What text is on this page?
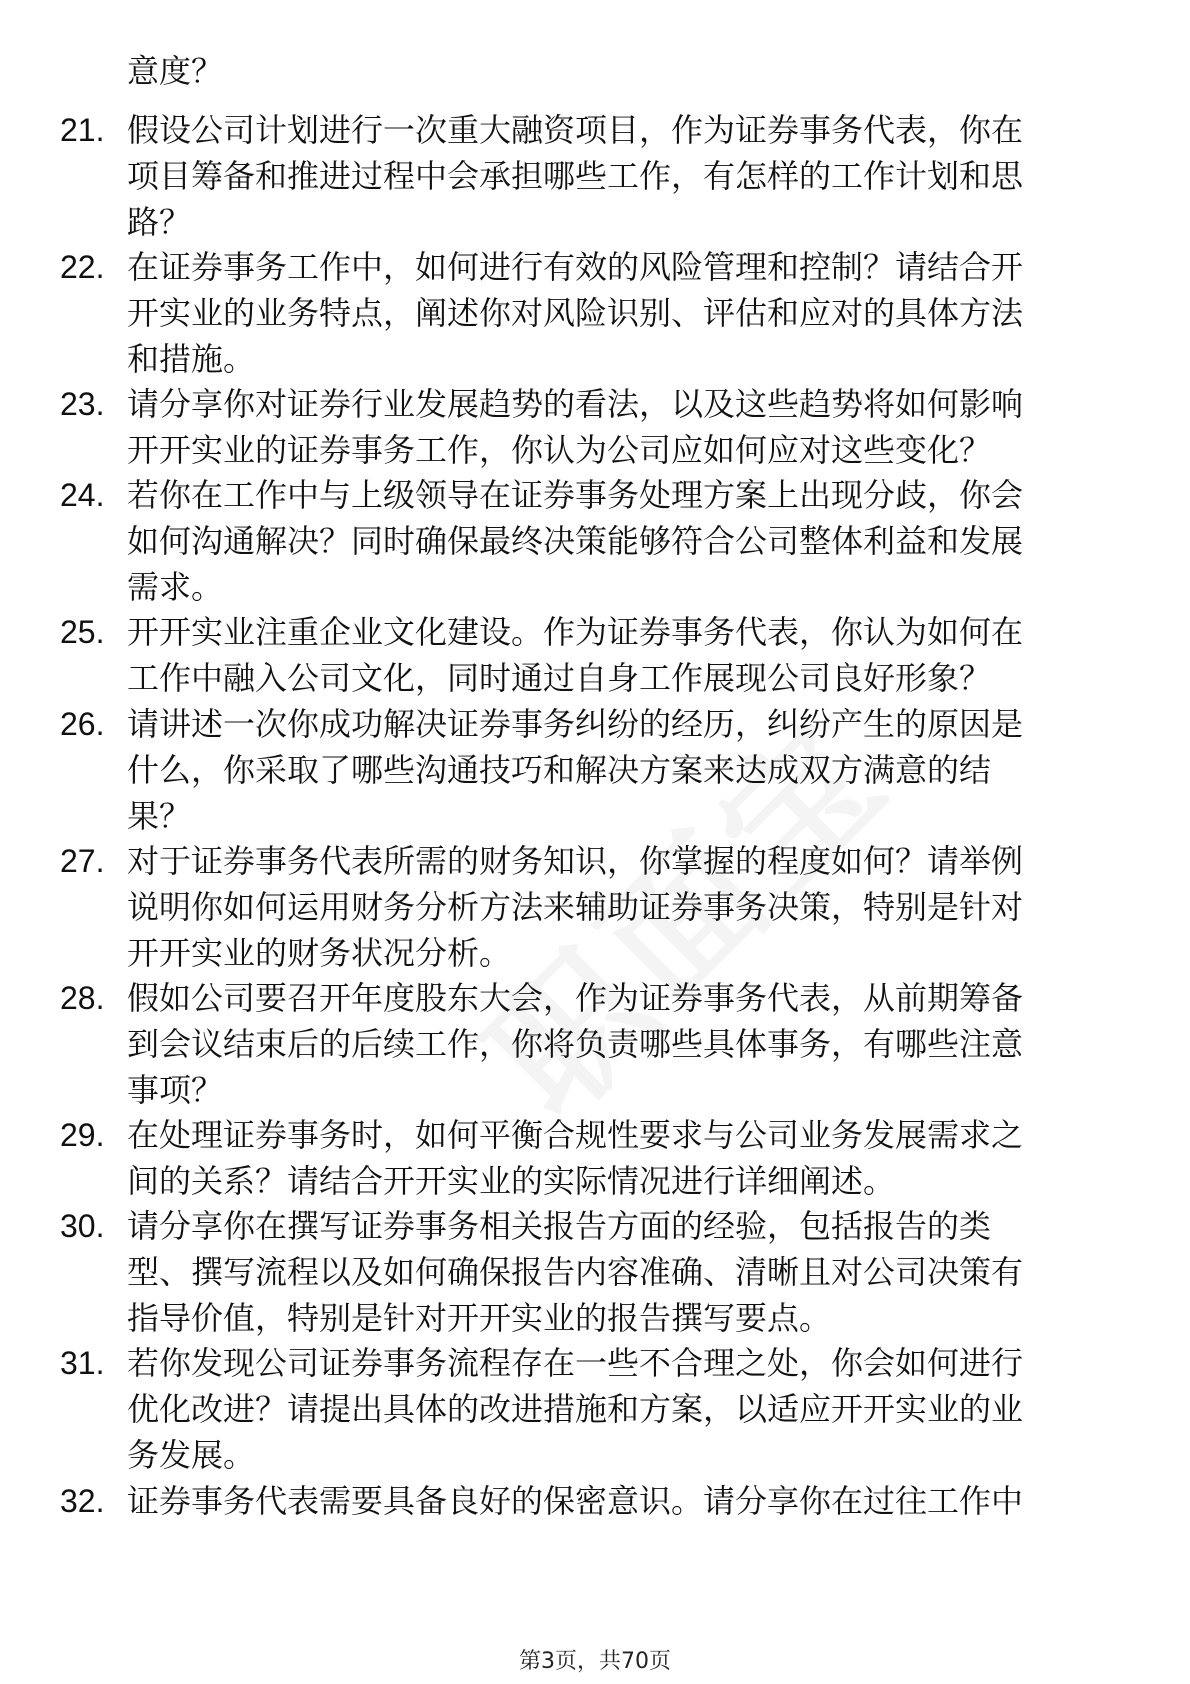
意度？
21. 假设公司计划进行一次重大融资项目，作为证券事务代表，你在
项目筹备和推进过程中会承担哪些工作，有怎样的工作计划和思
路？
22. 在证券事务工作中，如何进行有效的风险管理和控制？请结合开
开实业的业务特点，阐述你对风险识别、评估和应对的具体方法
和措施。
23. 请分享你对证券行业发展趋势的看法，以及这些趋势将如何影响
开开实业的证券事务工作，你认为公司应如何应对这些变化？
24. 若你在工作中与上级领导在证券事务处理方案上出现分歧，你会
如何沟通解决？同时确保最终决策能够符合公司整体利益和发展
需求。
25. 开开实业注重企业文化建设。作为证券事务代表，你认为如何在
工作中融入公司文化，同时通过自身工作展现公司良好形象？
26. 请讲述一次你成功解决证券事务纠纷的经历，纠纷产生的原因是
什么，你采取了哪些沟通技巧和解决方案来达成双方满意的结
果？
27. 对于证券事务代表所需的财务知识，你掌握的程度如何？请举例
说明你如何运用财务分析方法来辅助证券事务决策，特别是针对
开开实业的财务状况分析。
28. 假如公司要召开年度股东大会，作为证券事务代表，从前期筹备
到会议结束后的后续工作，你将负责哪些具体事务，有哪些注意
事项？
29. 在处理证券事务时，如何平衡合规性要求与公司业务发展需求之
间的关系？请结合开开实业的实际情况进行详细阐述。
30. 请分享你在撰写证券事务相关报告方面的经验，包括报告的类
型、撰写流程以及如何确保报告内容准确、清晰且对公司决策有
指导价值，特别是针对开开实业的报告撰写要点。
31. 若你发现公司证券事务流程存在一些不合理之处，你会如何进行
优化改进？请提出具体的改进措施和方案，以适应开开实业的业
务发展。
32. 证券事务代表需要具备良好的保密意识。请分享你在过往工作中
第3页，共70页
